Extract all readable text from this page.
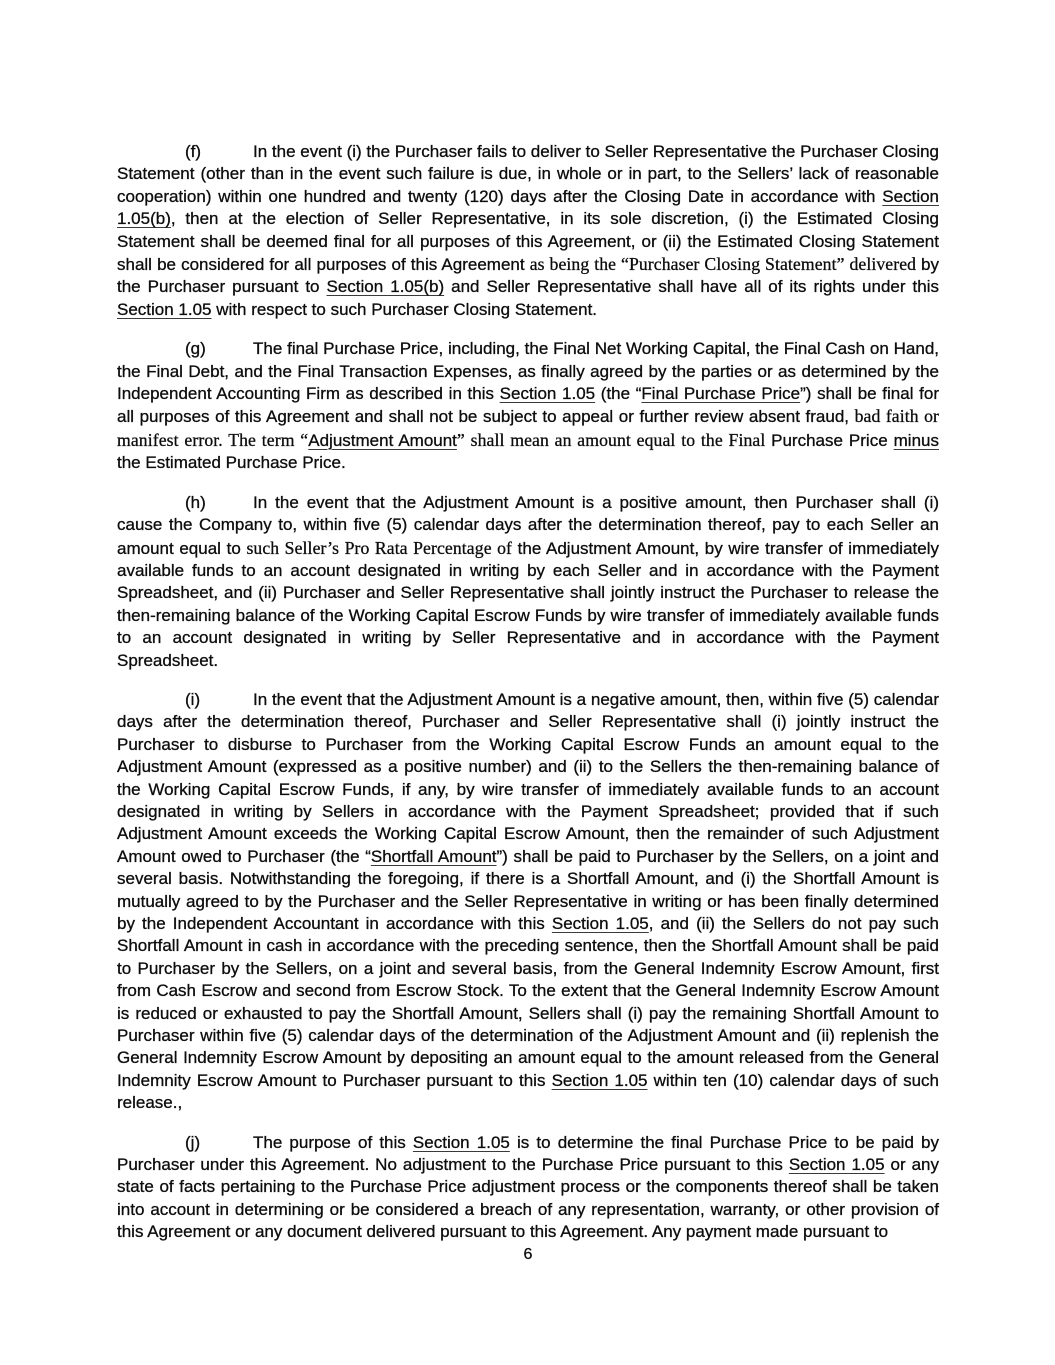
(f)	In the event (i) the Purchaser fails to deliver to Seller Representative the Purchaser Closing Statement (other than in the event such failure is due, in whole or in part, to the Sellers’ lack of reasonable cooperation) within one hundred and twenty (120) days after the Closing Date in accordance with Section 1.05(b), then at the election of Seller Representative, in its sole discretion, (i) the Estimated Closing Statement shall be deemed final for all purposes of this Agreement, or (ii) the Estimated Closing Statement shall be considered for all purposes of this Agreement as being the “Purchaser Closing Statement” delivered by the Purchaser pursuant to Section 1.05(b) and Seller Representative shall have all of its rights under this Section 1.05 with respect to such Purchaser Closing Statement.

(g)	The final Purchase Price, including, the Final Net Working Capital, the Final Cash on Hand, the Final Debt, and the Final Transaction Expenses, as finally agreed by the parties or as determined by the Independent Accounting Firm as described in this Section 1.05 (the “Final Purchase Price”) shall be final for all purposes of this Agreement and shall not be subject to appeal or further review absent fraud, bad faith or manifest error. The term “Adjustment Amount” shall mean an amount equal to the Final Purchase Price minus the Estimated Purchase Price.

(h)	In the event that the Adjustment Amount is a positive amount, then Purchaser shall (i) cause the Company to, within five (5) calendar days after the determination thereof, pay to each Seller an amount equal to such Seller’s Pro Rata Percentage of the Adjustment Amount, by wire transfer of immediately available funds to an account designated in writing by each Seller and in accordance with the Payment Spreadsheet, and (ii) Purchaser and Seller Representative shall jointly instruct the Purchaser to release the then-remaining balance of the Working Capital Escrow Funds by wire transfer of immediately available funds to an account designated in writing by Seller Representative and in accordance with the Payment Spreadsheet.

(i)	In the event that the Adjustment Amount is a negative amount, then, within five (5) calendar days after the determination thereof, Purchaser and Seller Representative shall (i) jointly instruct the Purchaser to disburse to Purchaser from the Working Capital Escrow Funds an amount equal to the Adjustment Amount (expressed as a positive number) and (ii) to the Sellers the then-remaining balance of the Working Capital Escrow Funds, if any, by wire transfer of immediately available funds to an account designated in writing by Sellers in accordance with the Payment Spreadsheet; provided that if such Adjustment Amount exceeds the Working Capital Escrow Amount, then the remainder of such Adjustment Amount owed to Purchaser (the “Shortfall Amount”) shall be paid to Purchaser by the Sellers, on a joint and several basis. Notwithstanding the foregoing, if there is a Shortfall Amount, and (i) the Shortfall Amount is mutually agreed to by the Purchaser and the Seller Representative in writing or has been finally determined by the Independent Accountant in accordance with this Section 1.05, and (ii) the Sellers do not pay such Shortfall Amount in cash in accordance with the preceding sentence, then the Shortfall Amount shall be paid to Purchaser by the Sellers, on a joint and several basis, from the General Indemnity Escrow Amount, first from Cash Escrow and second from Escrow Stock. To the extent that the General Indemnity Escrow Amount is reduced or exhausted to pay the Shortfall Amount, Sellers shall (i) pay the remaining Shortfall Amount to Purchaser within five (5) calendar days of the determination of the Adjustment Amount and (ii) replenish the General Indemnity Escrow Amount by depositing an amount equal to the amount released from the General Indemnity Escrow Amount to Purchaser pursuant to this Section 1.05 within ten (10) calendar days of such release.,

(j)	The purpose of this Section 1.05 is to determine the final Purchase Price to be paid by Purchaser under this Agreement. No adjustment to the Purchase Price pursuant to this Section 1.05 or any state of facts pertaining to the Purchase Price adjustment process or the components thereof shall be taken into account in determining or be considered a breach of any representation, warranty, or other provision of this Agreement or any document delivered pursuant to this Agreement. Any payment made pursuant to

6
